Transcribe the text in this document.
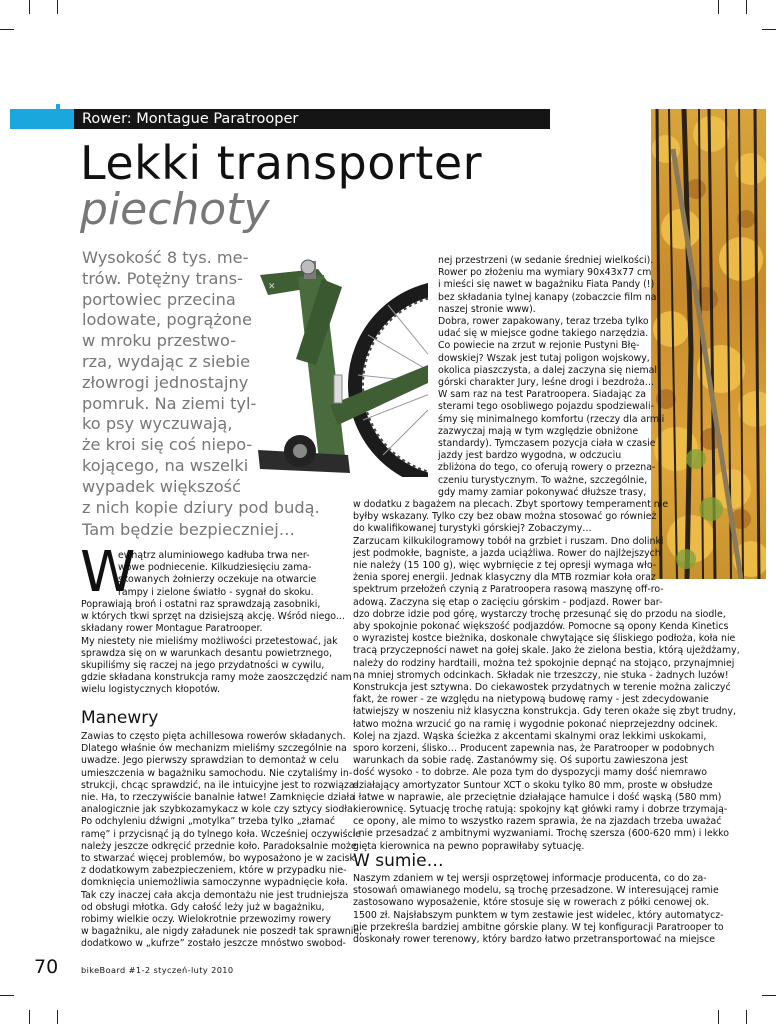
Rower: Montague Paratrooper
Lekki transporter
piechoty
Wysokość 8 tys. me-
trów. Potężny trans-
portowiec przecina
lodowate, pogrążone
w mroku przestwo-
rza, wydając z siebie
złowrogi jednostajny
pomruk. Na ziemi tyl-
ko psy wyczuwają,
że kroi się coś niepo-
kojącego, na wszelki
wypadek większość
z nich kopie dziury pod budą.
Tam będzie bezpieczniej…
✕
W
ewnątrz aluminiowego kadłuba trwa ner-
wowe podniecenie. Kilkudziesięciu zama-
skowanych żołnierzy oczekuje na otwarcie
rampy i zielone światło - sygnał do skoku.
Poprawiają broń i ostatni raz sprawdzają zasobniki,
w których tkwi sprzęt na dzisiejszą akcję. Wśród niego...
składany rower Montague Paratrooper.
My niestety nie mieliśmy możliwości przetestować, jak
sprawdza się on w warunkach desantu powietrznego,
skupiliśmy się raczej na jego przydatności w cywilu,
gdzie składana konstrukcja ramy może zaoszczędzić nam
wielu logistycznych kłopotów.
Manewry
Zawias to często pięta achillesowa rowerów składanych.
Dlatego właśnie ów mechanizm mieliśmy szczególnie na
uwadze. Jego pierwszy sprawdzian to demontaż w celu
umieszczenia w bagażniku samochodu. Nie czytaliśmy in-
strukcji, chcąc sprawdzić, na ile intuicyjne jest to rozwiąza-
nie. Ha, to rzeczywiście banalnie łatwe! Zamknięcie działa
analogicznie jak szybkozamykacz w kole czy sztycy siodła.
Po odchyleniu dźwigni „motylka” trzeba tylko „złamać
ramę” i przycisnąć ją do tylnego koła. Wcześniej oczywiście
należy jeszcze odkręcić przednie koło. Paradoksalnie może
to stwarzać więcej problemów, bo wyposażono je w zacisk
z dodatkowym zabezpieczeniem, które w przypadku nie-
domknięcia uniemożliwia samoczynne wypadnięcie koła.
Tak czy inaczej cała akcja demontażu nie jest trudniejsza
od obsługi młotka. Gdy całość leży już w bagażniku,
robimy wielkie oczy. Wielokrotnie przewozimy rowery
w bagażniku, ale nigdy załadunek nie poszedł tak sprawnie,
dodatkowo w „kufrze” zostało jeszcze mnóstwo swobod-
nej przestrzeni (w sedanie średniej wielkości).
Rower po złożeniu ma wymiary 90x43x77 cm
i mieści się nawet w bagażniku Fiata Pandy (!)
bez składania tylnej kanapy (zobaczcie film na
naszej stronie www).
Dobra, rower zapakowany, teraz trzeba tylko
udać się w miejsce godne takiego narzędzia.
Co powiecie na zrzut w rejonie Pustyni Błę-
dowskiej? Wszak jest tutaj poligon wojskowy,
okolica piaszczysta, a dalej zaczyna się niemal
górski charakter Jury, leśne drogi i bezdroża…
W sam raz na test Paratroopera. Siadając za
sterami tego osobliwego pojazdu spodziewali-
śmy się minimalnego komfortu (rzeczy dla armii
zazwyczaj mają w tym względzie obniżone
standardy). Tymczasem pozycja ciała w czasie
jazdy jest bardzo wygodna, w odczuciu
zbliżona do tego, co oferują rowery o przezna-
czeniu turystycznym. To ważne, szczególnie,
gdy mamy zamiar pokonywać dłuższe trasy,
w dodatku z bagażem na plecach. Zbyt sportowy temperament nie
byłby wskazany. Tylko czy bez obaw można stosować go również
do kwalifikowanej turystyki górskiej? Zobaczymy…
Zarzucam kilkukilogramowy tobół na grzbiet i ruszam. Dno dolinki
jest podmokłe, bagniste, a jazda uciążliwa. Rower do najlżejszych
nie należy (15 100 g), więc wybrnięcie z tej opresji wymaga wło-
żenia sporej energii. Jednak klasyczny dla MTB rozmiar koła oraz
spektrum przełożeń czynią z Paratroopera rasową maszynę off-ro-
adową. Zaczyna się etap o zacięciu górskim - podjazd. Rower bar-
dzo dobrze idzie pod górę, wystarczy trochę przesunąć się do przodu na siodle,
aby spokojnie pokonać większość podjazdów. Pomocne są opony Kenda Kinetics
o wyrazistej kostce bieżnika, doskonale chwytające się śliskiego podłoża, koła nie
tracą przyczepności nawet na gołej skale. Jako że zielona bestia, którą ujeżdżamy,
należy do rodziny hardtaili, można też spokojnie depnąć na stojąco, przynajmniej
na mniej stromych odcinkach. Składak nie trzeszczy, nie stuka - żadnych luzów!
Konstrukcja jest sztywna. Do ciekawostek przydatnych w terenie można zaliczyć
fakt, że rower - ze względu na nietypową budowę ramy - jest zdecydowanie
łatwiejszy w noszeniu niż klasyczna konstrukcja. Gdy teren okaże się zbyt trudny,
łatwo można wrzucić go na ramię i wygodnie pokonać nieprzejezdny odcinek.
Kolej na zjazd. Wąska ścieżka z akcentami skalnymi oraz lekkimi uskokami,
sporo korzeni, ślisko… Producent zapewnia nas, że Paratrooper w podobnych
warunkach da sobie radę. Zastanówmy się. Oś suportu zawieszona jest
dość wysoko - to dobrze. Ale poza tym do dyspozycji mamy dość niemrawo
działający amortyzator Suntour XCT o skoku tylko 80 mm, proste w obsłudze
i łatwe w naprawie, ale przeciętnie działające hamulce i dość wąską (580 mm)
kierownicę. Sytuację trochę ratują: spokojny kąt główki ramy i dobrze trzymają-
ce opony, ale mimo to wszystko razem sprawia, że na zjazdach trzeba uważać
i nie przesadzać z ambitnymi wyzwaniami. Trochę szersza (600-620 mm) i lekko
gięta kierownica na pewno poprawiłaby sytuację.
W sumie…
Naszym zdaniem w tej wersji osprzętowej informacje producenta, co do za-
stosowań omawianego modelu, są trochę przesadzone. W interesującej ramie
zastosowano wyposażenie, które stosuje się w rowerach z półki cenowej ok.
1500 zł. Najsłabszym punktem w tym zestawie jest widelec, który automatycz-
nie przekreśla bardziej ambitne górskie plany. W tej konfiguracji Paratrooper to
doskonały rower terenowy, który bardzo łatwo przetransportować na miejsce
70	bikeBoard #1-2 styczeń-luty 2010
